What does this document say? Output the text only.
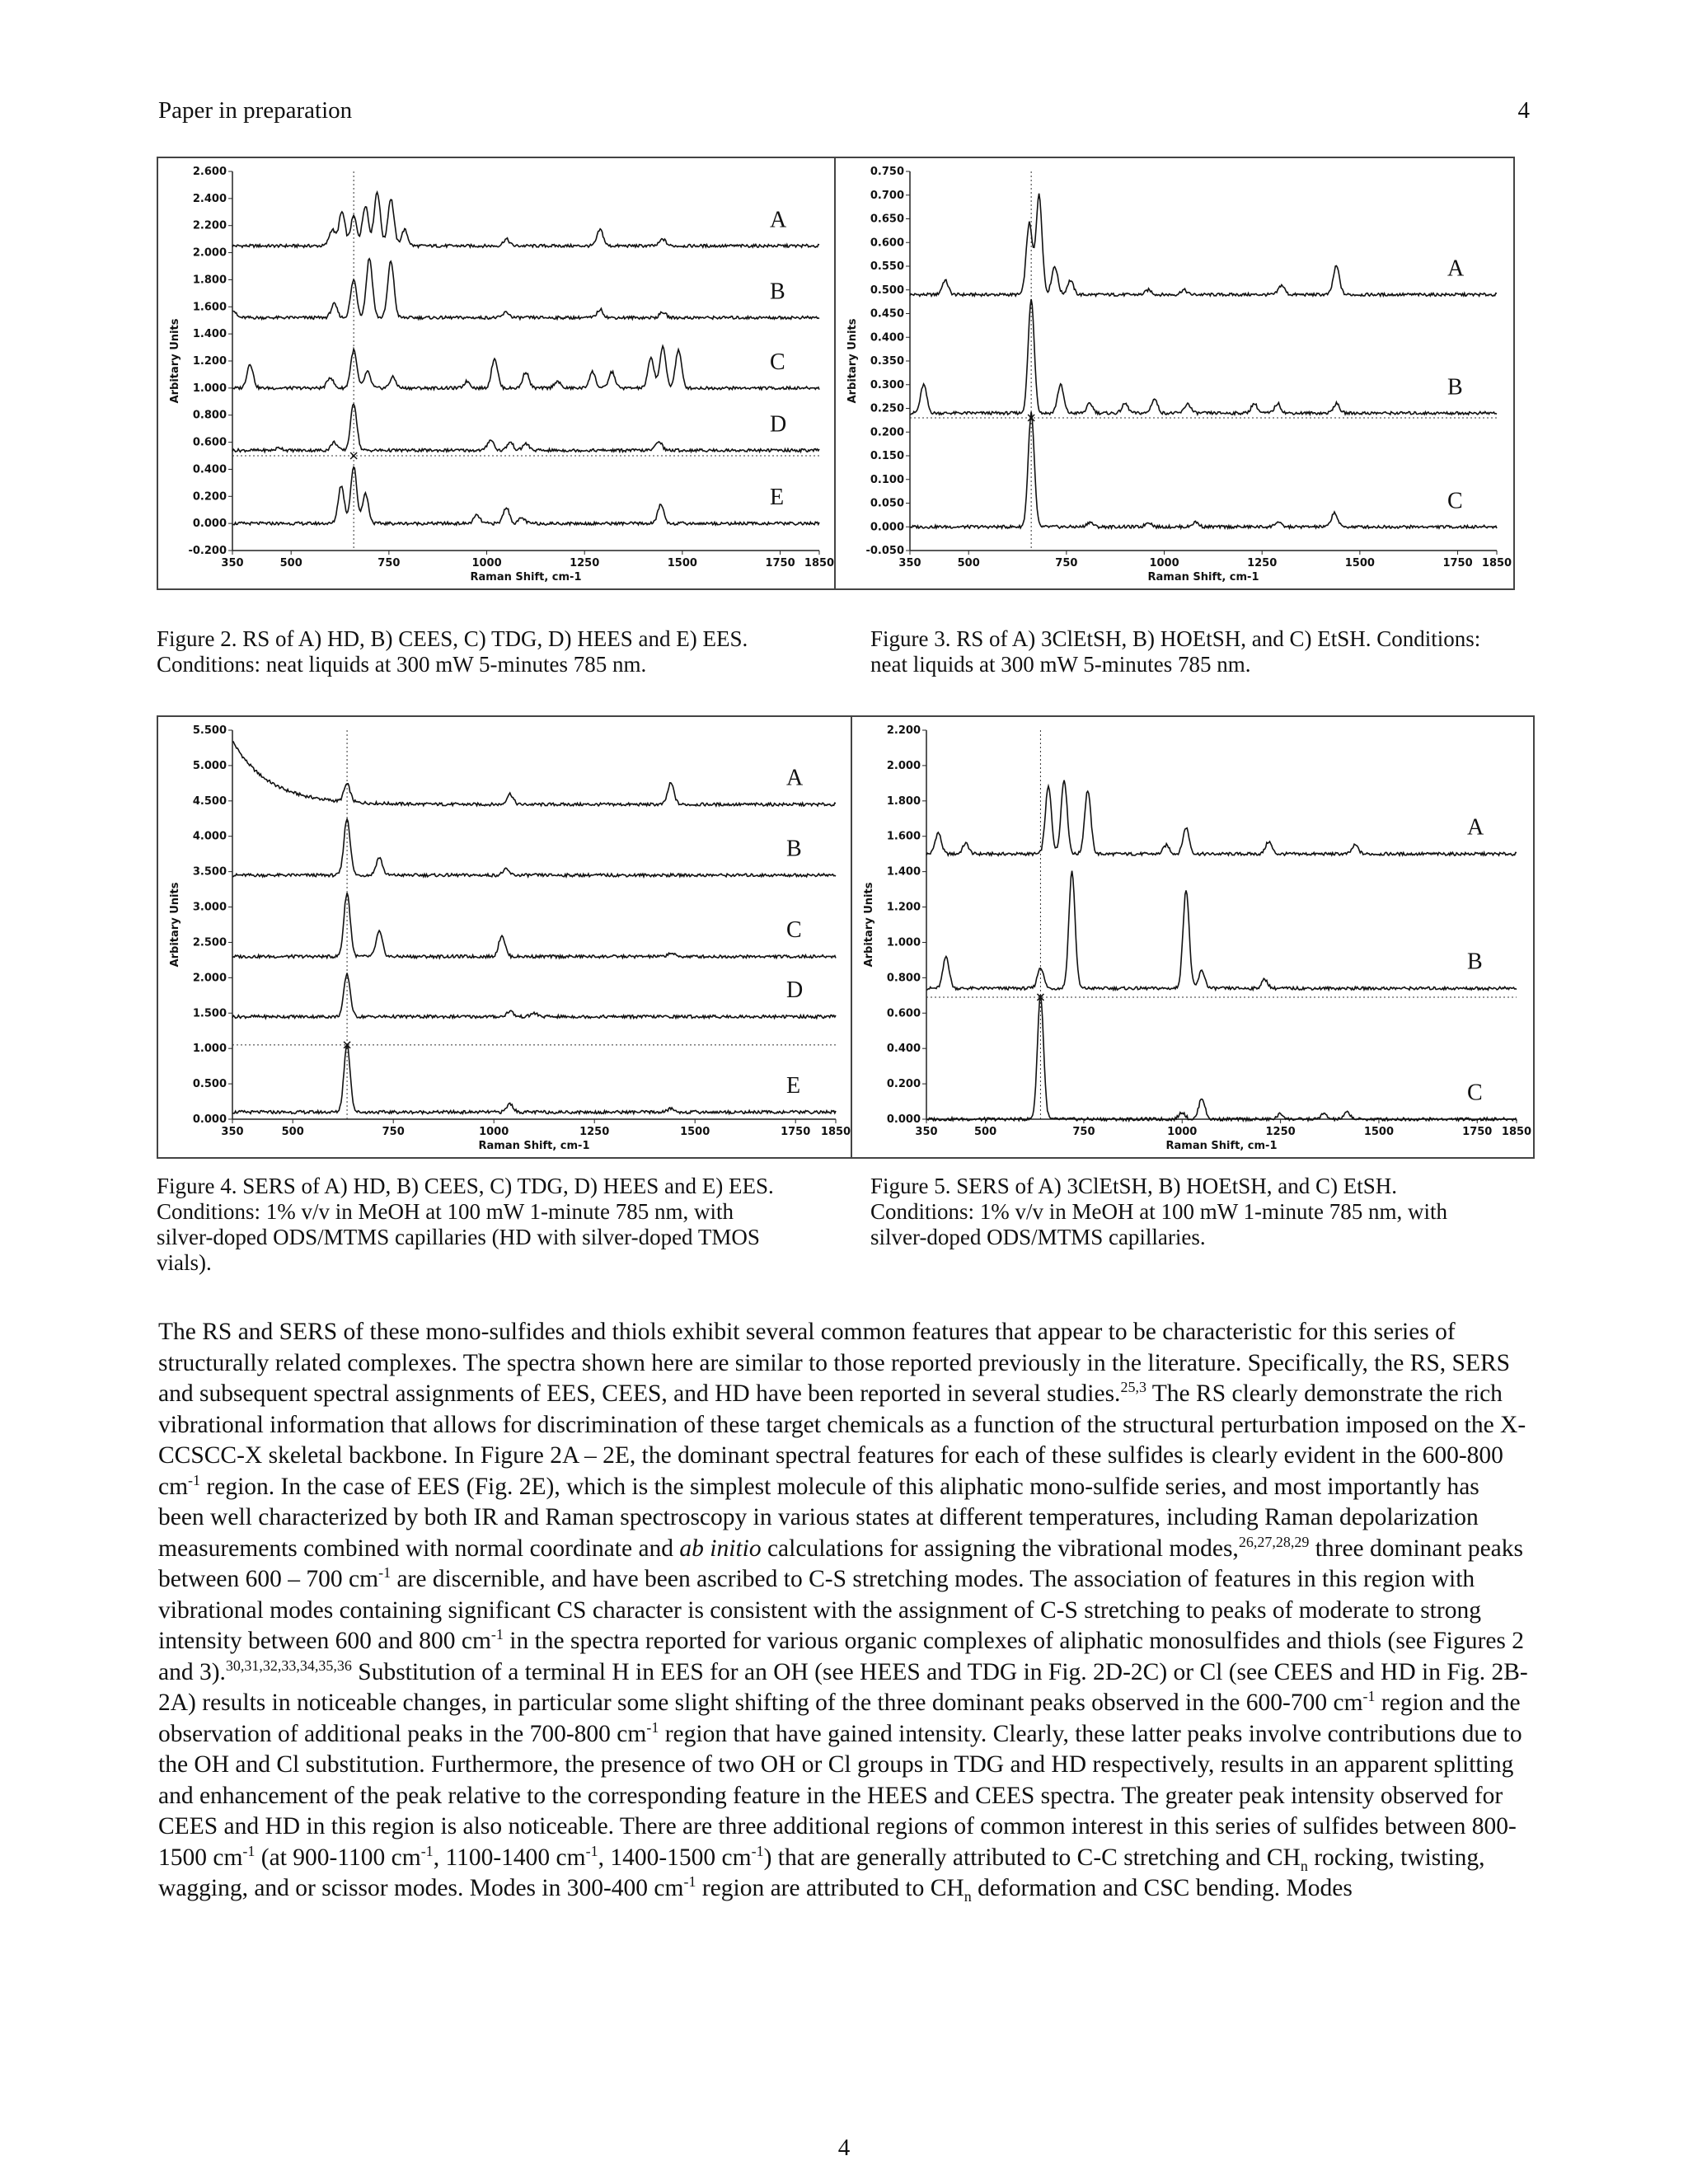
Paper in preparation	4
-0.200
0.000
0.200
0.400
0.600
0.800
1.000
1.200
1.400
1.600
1.800
2.000
2.200
2.400
2.600
350	500	750	1000	1250	1500	1750 1850
Raman Shift, cm-1
Arbitary Units
A
B
C
D
E
-0.050
0.000
0.050
0.100
0.150
0.200
0.250
0.300
0.350
0.400
0.450
0.500
0.550
0.600
0.650
0.700
0.750
350	500	750	1000	1250	1500	1750 1850
Raman Shift, cm-1
Arbitary Units
A
B
C
0.000
0.500
1.000
1.500
2.000
2.500
3.000
3.500
4.000
4.500
5.000
5.500
350	500	750	1000	1250	1500	1750 1850
Raman Shift, cm-1
Arbitary Units
A
B
C
D
E
0.000
0.200
0.400
0.600
0.800
1.000
1.200
1.400
1.600
1.800
2.000
2.200
350	500	750	1000	1250	1500	1750 1850
Raman Shift, cm-1
Arbitary Units
A
B
C
Figure 2. RS of A) HD, B) CEES, C) TDG, D) HEES and E) EES. Conditions: neat liquids at 300 mW 5-minutes 785 nm.
Figure 3. RS of A) 3ClEtSH, B) HOEtSH, and C) EtSH. Conditions: neat liquids at 300 mW 5-minutes 785 nm.
Figure 4. SERS of A) HD, B) CEES, C) TDG, D) HEES and E) EES. Conditions: 1% v/v in MeOH at 100 mW 1-minute 785 nm, with silver-doped ODS/MTMS capillaries (HD with silver-doped TMOS vials).
Figure 5. SERS of A) 3ClEtSH, B) HOEtSH, and C) EtSH. Conditions: 1% v/v in MeOH at 100 mW 1-minute 785 nm, with silver-doped ODS/MTMS capillaries.
The RS and SERS of these mono-sulfides and thiols exhibit several common features that appear to be characteristic for this series of structurally related complexes. The spectra shown here are similar to those reported previously in the literature. Specifically, the RS, SERS and subsequent spectral assignments of EES, CEES, and HD have been reported in several studies.$^{25,3}$ The RS clearly demonstrate the rich vibrational information that allows for discrimination of these target chemicals as a function of the structural perturbation imposed on the X-CCSCC-X skeletal backbone. In Figure 2A – 2E, the dominant spectral features for each of these sulfides is clearly evident in the 600-800 $cm^{-1}$ region. In the case of EES (Fig. 2E), which is the simplest molecule of this aliphatic mono-sulfide series, and most importantly has been well characterized by both IR and Raman spectroscopy in various states at different temperatures, including Raman depolarization measurements combined with normal coordinate and ab initio calculations for assigning the vibrational modes,$^{26,27,28,29}$ three dominant peaks between 600 – 700 $cm^{-1}$ are discernible, and have been ascribed to C-S stretching modes. The association of features in this region with vibrational modes containing significant CS character is consistent with the assignment of C-S stretching to peaks of moderate to strong intensity between 600 and 800 $cm^{-1}$ in the spectra reported for various organic complexes of aliphatic monosulfides and thiols (see Figures 2 and 3).$^{30,31,32,33,34,35,36}$ Substitution of a terminal H in EES for an OH (see HEES and TDG in Fig. 2D-2C) or Cl (see CEES and HD in Fig. 2B-2A) results in noticeable changes, in particular some slight shifting of the three dominant peaks observed in the 600-700 $cm^{-1}$ region and the observation of additional peaks in the 700-800 $cm^{-1}$ region that have gained intensity. Clearly, these latter peaks involve contributions due to the OH and Cl substitution. Furthermore, the presence of two OH or Cl groups in TDG and HD respectively, results in an apparent splitting and enhancement of the peak relative to the corresponding feature in the HEES and CEES spectra. The greater peak intensity observed for CEES and HD in this region is also noticeable. There are three additional regions of common interest in this series of sulfides between 800-1500 $cm^{-1}$ (at 900-1100 $cm^{-1}$, 1100-1400 $cm^{-1}$, 1400-1500 $cm^{-1}$) that are generally attributed to C-C stretching and $CH_n$ rocking, twisting, wagging, and or scissor modes. Modes in 300-400 $cm^{-1}$ region are attributed to $CH_n$ deformation and CSC bending. Modes
4
